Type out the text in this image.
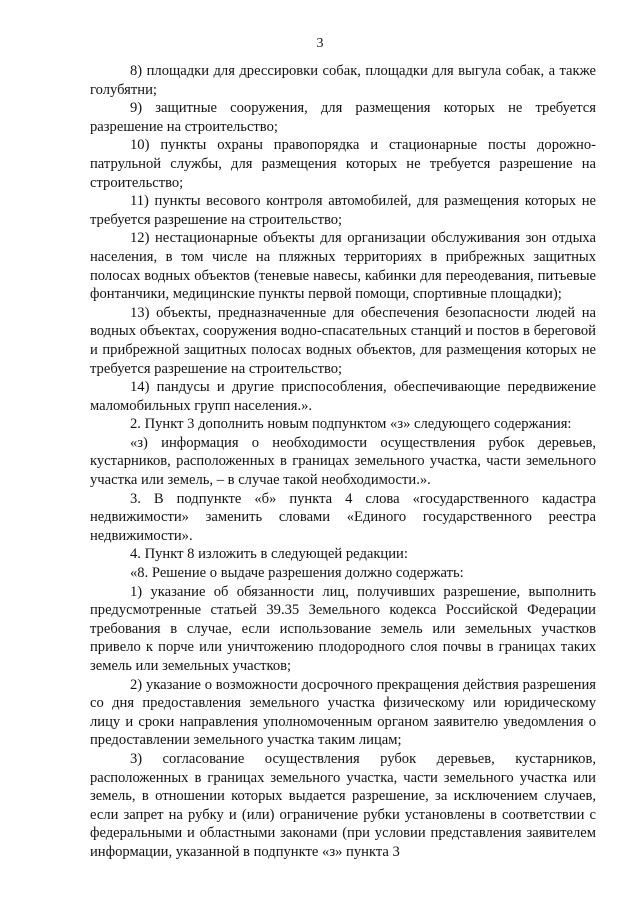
3

8) площадки для дрессировки собак, площадки для выгула собак, а также голубятни;

9) защитные сооружения, для размещения которых не требуется разрешение на строительство;

10) пункты охраны правопорядка и стационарные посты дорожно-патрульной службы, для размещения которых не требуется разрешение на строительство;

11) пункты весового контроля автомобилей, для размещения которых не требуется разрешение на строительство;

12) нестационарные объекты для организации обслуживания зон отдыха населения, в том числе на пляжных территориях в прибрежных защитных полосах водных объектов (теневые навесы, кабинки для переодевания, питьевые фонтанчики, медицинские пункты первой помощи, спортивные площадки);

13) объекты, предназначенные для обеспечения безопасности людей на водных объектах, сооружения водно-спасательных станций и постов в береговой и прибрежной защитных полосах водных объектов, для размещения которых не требуется разрешение на строительство;

14) пандусы и другие приспособления, обеспечивающие передвижение маломобильных групп населения.».

2. Пункт 3 дополнить новым подпунктом «з» следующего содержания:

«з) информация о необходимости осуществления рубок деревьев, кустарников, расположенных в границах земельного участка, части земельного участка или земель, – в случае такой необходимости.».

3. В подпункте «б» пункта 4 слова «государственного кадастра недвижимости» заменить словами «Единого государственного реестра недвижимости».

4. Пункт 8 изложить в следующей редакции:

«8. Решение о выдаче разрешения должно содержать:

1) указание об обязанности лиц, получивших разрешение, выполнить предусмотренные статьей 39.35 Земельного кодекса Российской Федерации требования в случае, если использование земель или земельных участков привело к порче или уничтожению плодородного слоя почвы в границах таких земель или земельных участков;

2) указание о возможности досрочного прекращения действия разрешения со дня предоставления земельного участка физическому или юридическому лицу и сроки направления уполномоченным органом заявителю уведомления о предоставлении земельного участка таким лицам;

3) согласование осуществления рубок деревьев, кустарников, расположенных в границах земельного участка, части земельного участка или земель, в отношении которых выдается разрешение, за исключением случаев, если запрет на рубку и (или) ограничение рубки установлены в соответствии с федеральными и областными законами (при условии представления заявителем информации, указанной в подпункте «з» пункта 3
